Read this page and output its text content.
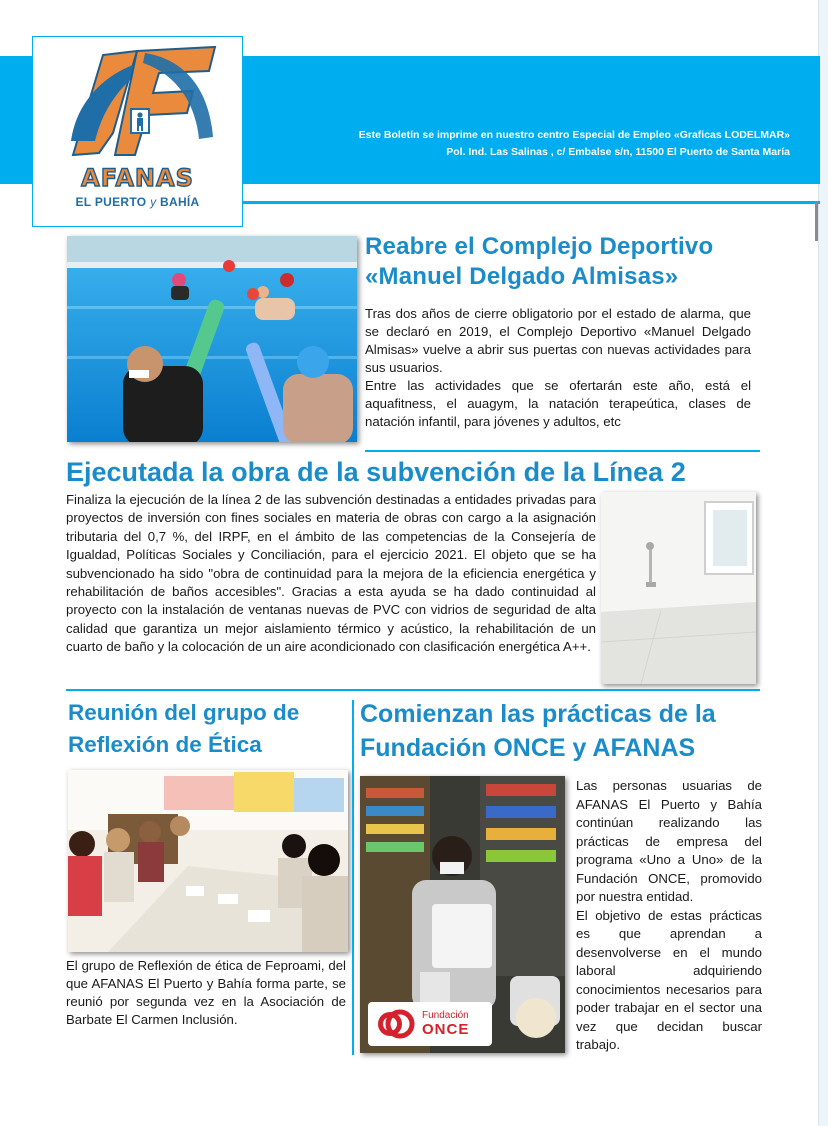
Este Boletín se imprime en nuestro centro Especial de Empleo «Graficas LODELMAR»
Pol. Ind. Las Salinas , c/ Embalse s/n, 11500 El Puerto de Santa María
AFANAS
EL PUERTO y BAHÍA
Reabre el Complejo Deportivo
«Manuel Delgado Almisas»

Tras dos años de cierre obligatorio por el estado de alarma, que se declaró en 2019, el Complejo Deportivo «Manuel Delgado Almisas» vuelve a abrir sus puertas con nuevas actividades para sus usuarios.

Entre las actividades que se ofertarán este año, está el aquafitness, el auagym, la natación terapeútica, clases de natación infantil, para jóvenes y adultos, etc

Ejecutada la obra de la subvención de la Línea 2
Finaliza la ejecución de la línea 2 de las subvención destinadas a entidades privadas para proyectos de inversión con fines sociales en materia de obras con cargo a la asignación tributaria del 0,7 %, del IRPF, en el ámbito de las competencias de la Consejería de Igualdad, Políticas Sociales y Conciliación, para el ejercicio 2021. El objeto que se ha subvencionado ha sido "obra de continuidad para la mejora de la eficiencia energética y rehabilitación de baños accesibles". Gracias a esta ayuda se ha dado continuidad al proyecto con la instalación de ventanas nuevas de PVC con vidrios de seguridad de alta calidad que garantiza un mejor aislamiento térmico y acústico, la rehabilitación de un cuarto de baño y la colocación de un aire acondicionado con clasificación energética A++.
Reunión del grupo de
Reflexión de Ética
El grupo de Reflexión de ética de Feproami, del que AFANAS El Puerto y Bahía forma parte, se reunió por segunda vez en la Asociación de Barbate El Carmen Inclusión.
Comienzan las prácticas de la
Fundación ONCE y AFANAS
Fundación
ONCE

Las personas usuarias de AFANAS El Puerto y Bahía continúan realizando las prácticas de empresa del programa «Uno a Uno» de la Fundación ONCE, promovido por nuestra entidad.

El objetivo de estas prácticas es que aprendan a desenvolverse en el mundo laboral adquiriendo conocimientos necesarios para poder trabajar en el sector una vez que decidan buscar trabajo.
